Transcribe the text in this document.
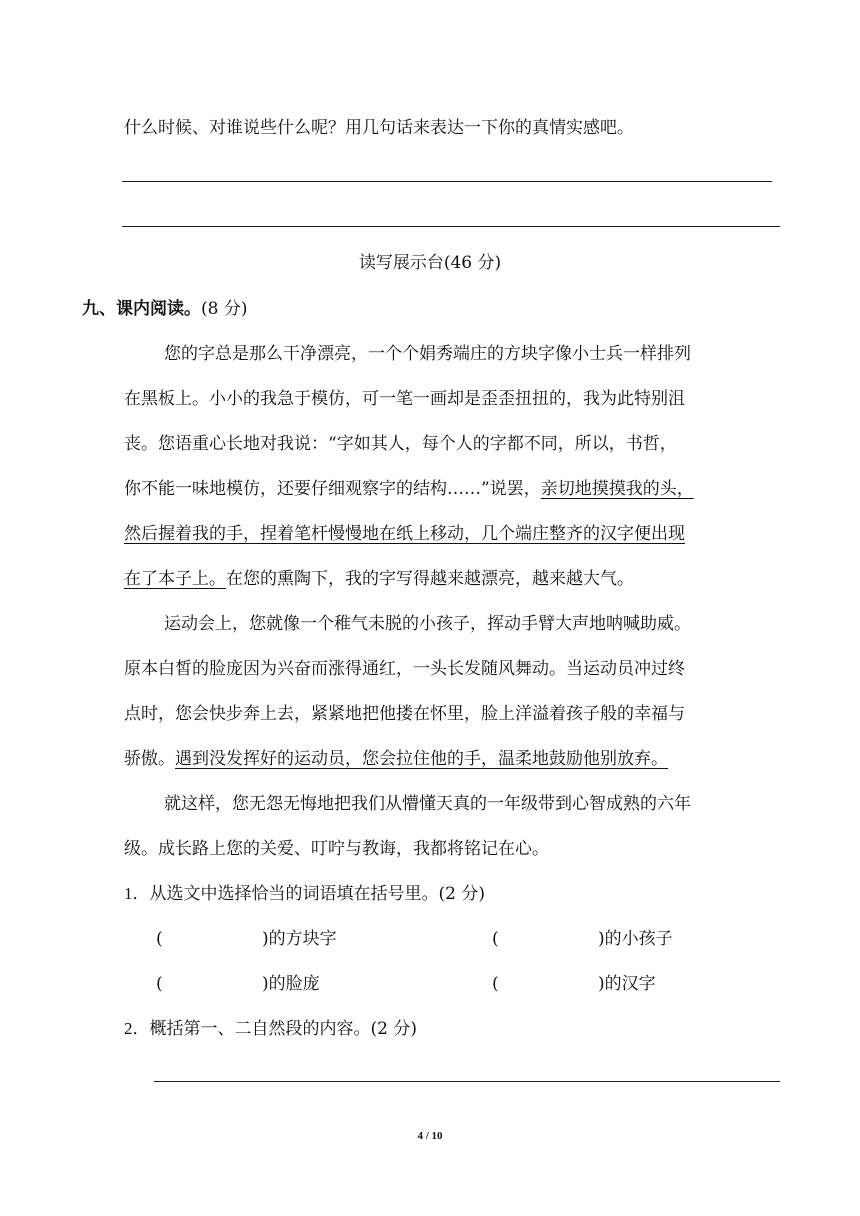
什么时候、对谁说些什么呢？用几句话来表达一下你的真情实感吧。
读写展示台(46 分)
九、课内阅读。(8 分)
您的字总是那么干净漂亮，一个个娟秀端庄的方块字像小士兵一样排列
在黑板上。小小的我急于模仿，可一笔一画却是歪歪扭扭的，我为此特别沮
丧。您语重心长地对我说：“字如其人，每个人的字都不同，所以，书哲，
你不能一味地模仿，还要仔细观察字的结构……”说罢，亲切地摸摸我的头，
然后握着我的手，捏着笔杆慢慢地在纸上移动，几个端庄整齐的汉字便出现
在了本子上。在您的熏陶下，我的字写得越来越漂亮，越来越大气。
运动会上，您就像一个稚气未脱的小孩子，挥动手臂大声地呐喊助威。
原本白皙的脸庞因为兴奋而涨得通红，一头长发随风舞动。当运动员冲过终
点时，您会快步奔上去，紧紧地把他搂在怀里，脸上洋溢着孩子般的幸福与
骄傲。遇到没发挥好的运动员，您会拉住他的手，温柔地鼓励他别放弃。
就这样，您无怨无悔地把我们从懵懂天真的一年级带到心智成熟的六年
级。成长路上您的关爱、叮咛与教诲，我都将铭记在心。
1．从选文中选择恰当的词语填在括号里。(2 分)
(	)的方块字	(	)的小孩子
(	)的脸庞	(	)的汉字
2．概括第一、二自然段的内容。(2 分)
4 / 10
